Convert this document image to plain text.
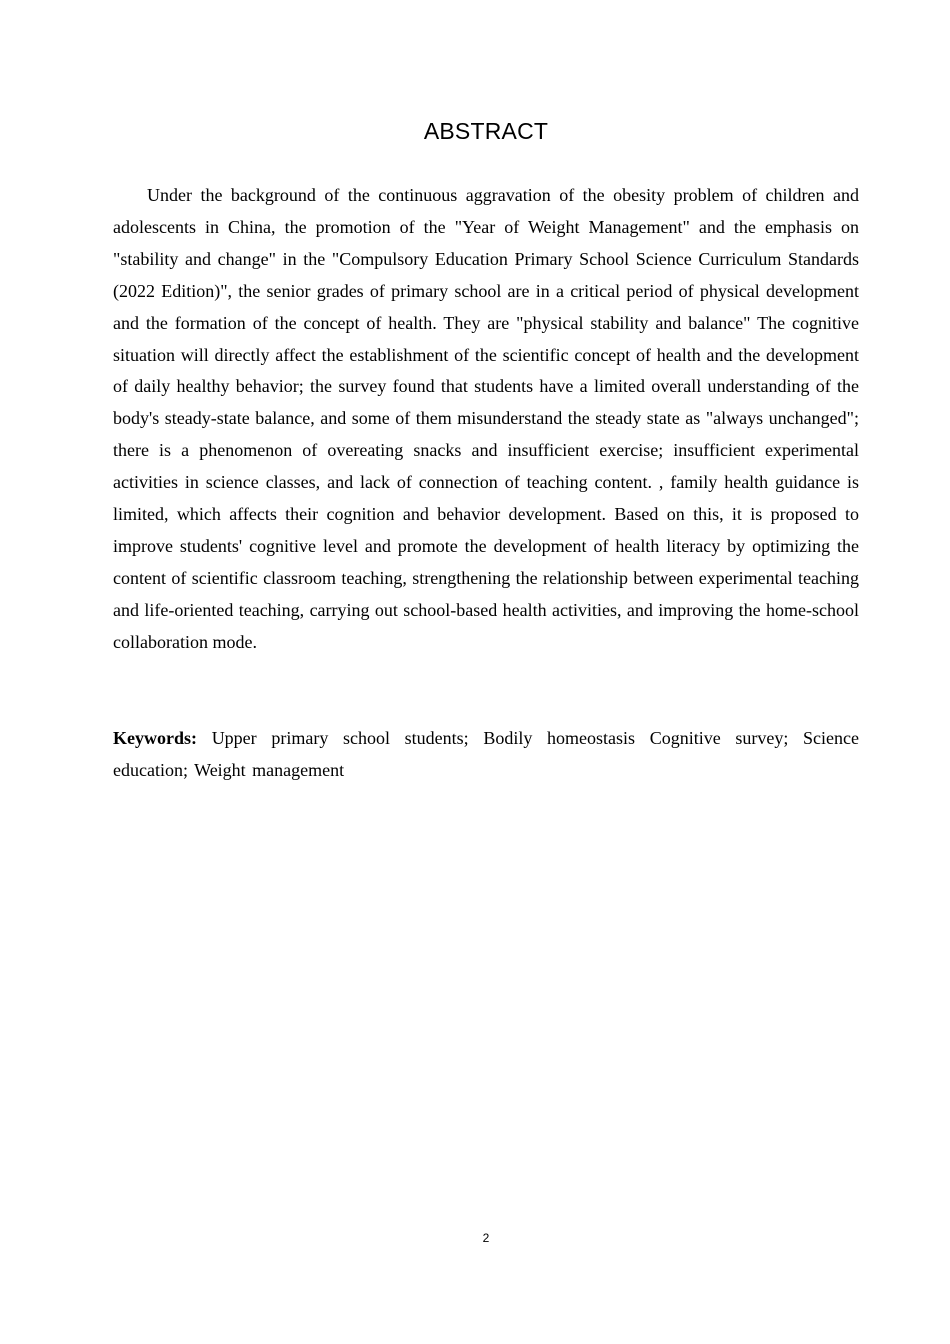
ABSTRACT

Under the background of the continuous aggravation of the obesity problem of children and adolescents in China, the promotion of the "Year of Weight Management" and the emphasis on "stability and change" in the "Compulsory Education Primary School Science Curriculum Standards (2022 Edition)", the senior grades of primary school are in a critical period of physical development and the formation of the concept of health. They are "physical stability and balance" The cognitive situation will directly affect the establishment of the scientific concept of health and the development of daily healthy behavior; the survey found that students have a limited overall understanding of the body's steady-state balance, and some of them misunderstand the steady state as "always unchanged"; there is a phenomenon of overeating snacks and insufficient exercise; insufficient experimental activities in science classes, and lack of connection of teaching content. , family health guidance is limited, which affects their cognition and behavior development. Based on this, it is proposed to improve students' cognitive level and promote the development of health literacy by optimizing the content of scientific classroom teaching, strengthening the relationship between experimental teaching and life-oriented teaching, carrying out school-based health activities, and improving the home-school collaboration mode.

Keywords: Upper primary school students; Bodily homeostasis Cognitive survey; Science education; Weight management

2
